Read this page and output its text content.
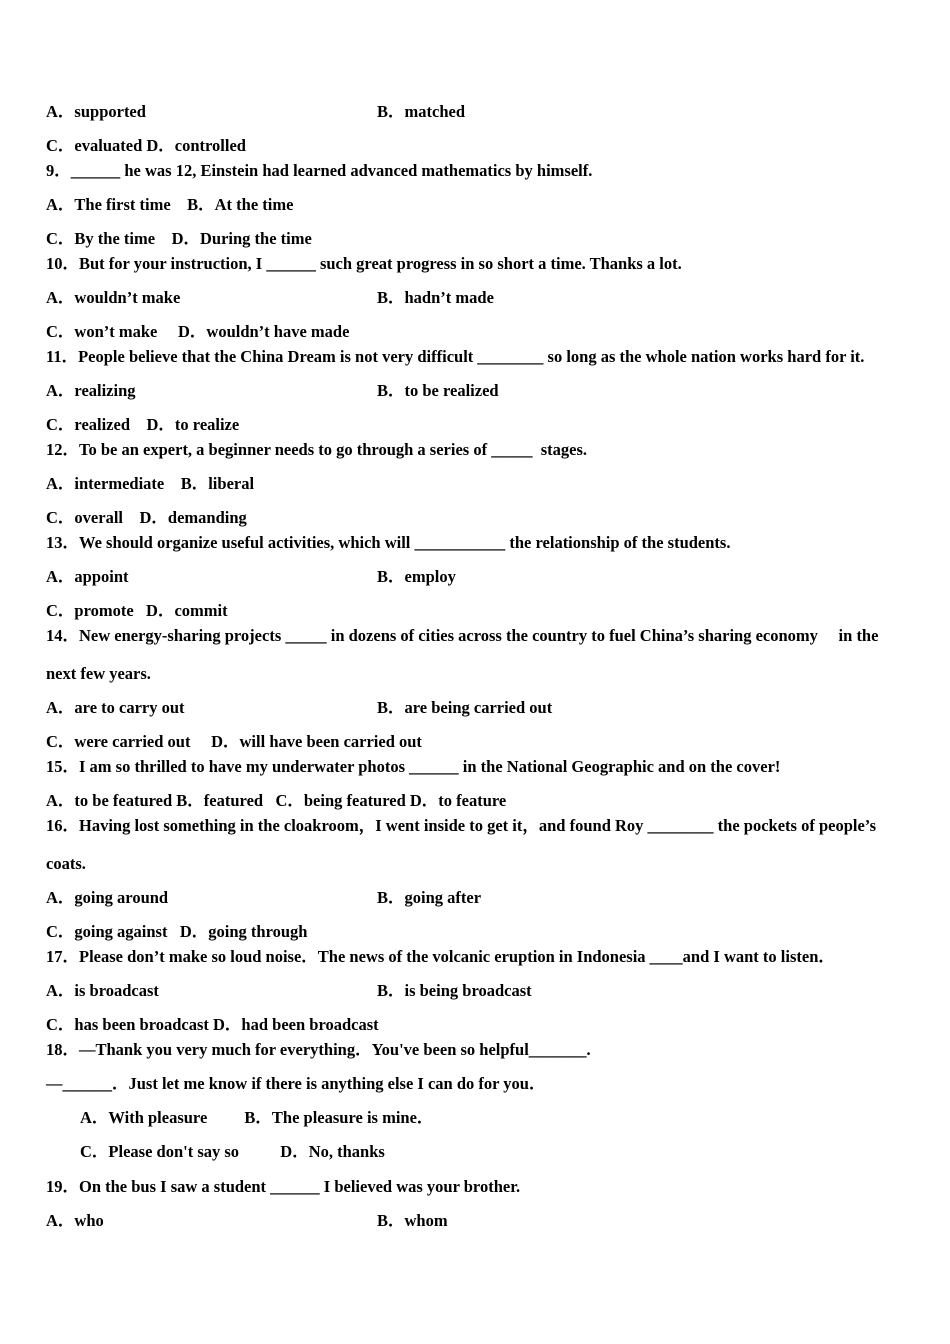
A．supported	B．matched
C．evaluated D．controlled
9．______ he was 12, Einstein had learned advanced mathematics by himself.
A．The first time    B．At the time
C．By the time    D．During the time
10．But for your instruction, I ______ such great progress in so short a time. Thanks a lot.
A．wouldn’t make	B．hadn’t made
C．won’t make     D．wouldn’t have made
11．People believe that the China Dream is not very difficult ________ so long as the whole nation works hard for it.
A．realizing	B．to be realized
C．realized    D．to realize
12．To be an expert, a beginner needs to go through a series of _____  stages.
A．intermediate    B．liberal
C．overall    D．demanding
13．We should organize useful activities, which will ___________ the relationship of the students.
A．appoint	B．employ
C．promote   D．commit
14．New energy-sharing projects _____ in dozens of cities across the country to fuel China’s sharing economy     in the
next few years.
A．are to carry out	B．are being carried out
C．were carried out     D．will have been carried out
15．I am so thrilled to have my underwater photos ______ in the National Geographic and on the cover!
A．to be featured B．featured   C．being featured D．to feature
16．Having lost something in the cloakroom，I went inside to get it，and found Roy ________ the pockets of people’s
coats.
A．going around	B．going after
C．going against   D．going through
17．Please don’t make so loud noise．The news of the volcanic eruption in Indonesia ____and I want to listen．
A．is broadcast	B．is being broadcast
C．has been broadcast D．had been broadcast
18．—Thank you very much for everything．You've been so helpful_______.
—______．Just let me know if there is anything else I can do for you．
A．With pleasure         B．The pleasure is mine．
C．Please don't say so          D．No, thanks
19．On the bus I saw a student ______ I believed was your brother.
A．who	B．whom
